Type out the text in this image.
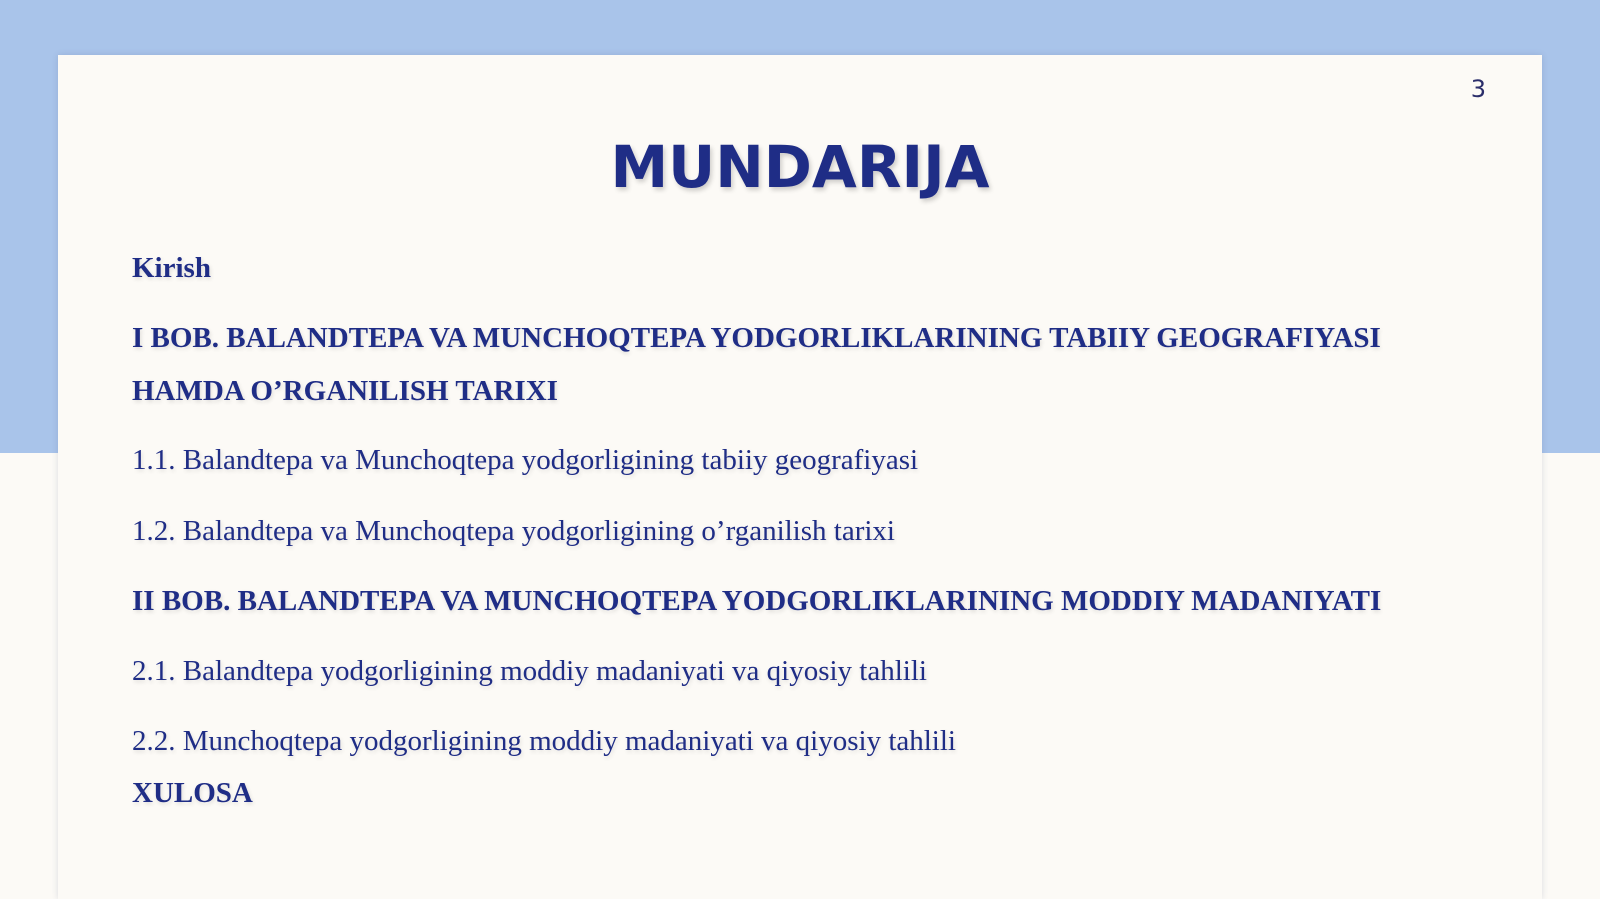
3
MUNDARIJA

Kirish

I BOB. BALANDTEPA VA MUNCHOQTEPA YODGORLIKLARINING TABIIY GEOGRAFIYASI

HAMDA O’RGANILISH TARIXI

1.1. Balandtepa va Munchoqtepa yodgorligining tabiiy geografiyasi

1.2. Balandtepa va Munchoqtepa yodgorligining o’rganilish tarixi

II BOB. BALANDTEPA VA MUNCHOQTEPA YODGORLIKLARINING MODDIY MADANIYATI

2.1. Balandtepa yodgorligining moddiy madaniyati va qiyosiy tahlili

2.2. Munchoqtepa yodgorligining moddiy madaniyati va qiyosiy tahlili

XULOSA
